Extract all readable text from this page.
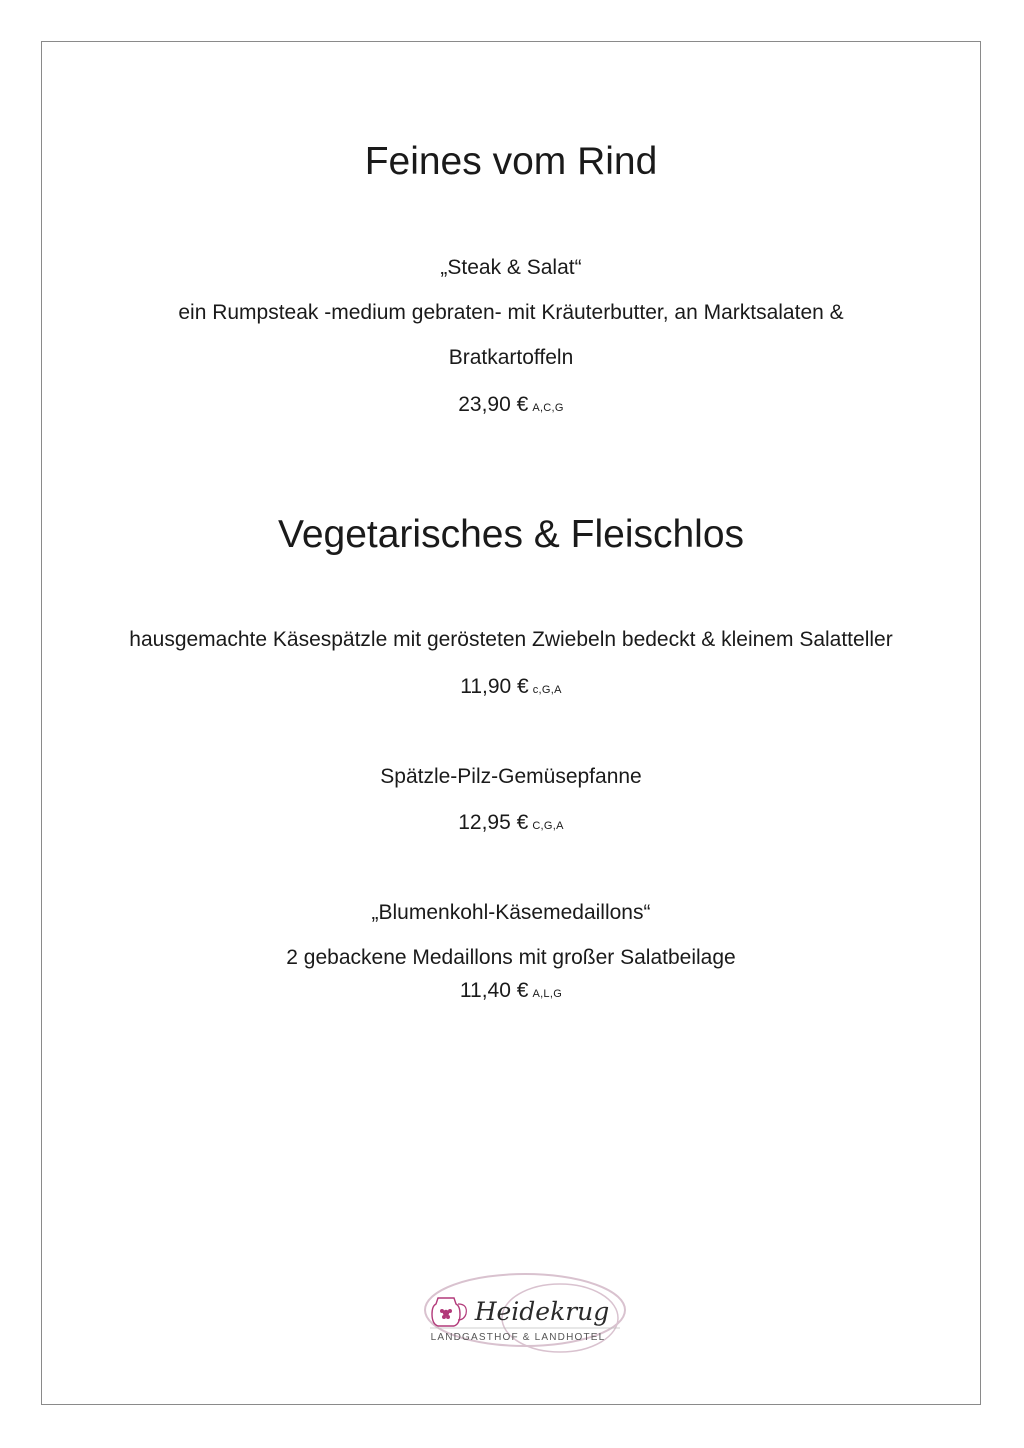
Feines vom Rind
„Steak & Salat“
ein Rumpsteak -medium gebraten- mit Kräuterbutter, an Marktsalaten &
Bratkartoffeln
23,90 € A,C,G
Vegetarisches & Fleischlos
hausgemachte Käsespätzle mit gerösteten Zwiebeln bedeckt & kleinem Salatteller
11,90 € c,G,A
Spätzle-Pilz-Gemüsepfanne
12,95 € C,G,A
„Blumenkohl-Käsemedaillons“
2 gebackene Medaillons mit großer Salatbeilage
11,40 € A,L,G
Heidekrug
LANDGASTHOF & LANDHOTEL
